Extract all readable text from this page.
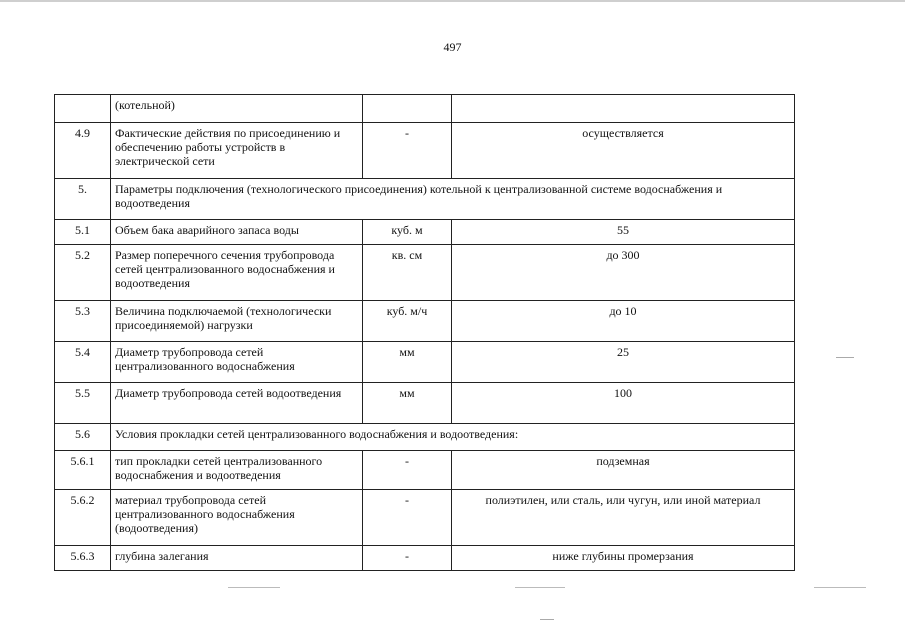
497
	(котельной)		
4.9	Фактические действия по присоединению и обеспечению работы устройств в электрической сети	-	осуществляется
5.	Параметры подключения (технологического присоединения) котельной к централизованной системе водоснабжения и водоотведения		
5.1	Объем бака аварийного запаса воды	куб. м	55
5.2	Размер поперечного сечения трубопровода сетей централизованного водоснабжения и водоотведения	кв. см	до 300
5.3	Величина подключаемой (технологически присоединяемой) нагрузки	куб. м/ч	до 10
5.4	Диаметр трубопровода сетей централизованного водоснабжения	мм	25
5.5	Диаметр трубопровода сетей водоотведения	мм	100
5.6	Условия прокладки сетей централизованного водоснабжения и водоотведения:		
5.6.1	тип прокладки сетей централизованного водоснабжения и водоотведения	-	подземная
5.6.2	материал трубопровода сетей централизованного водоснабжения (водоотведения)	-	полиэтилен, или сталь, или чугун, или иной материал
5.6.3	глубина залегания	-	ниже глубины промерзания
